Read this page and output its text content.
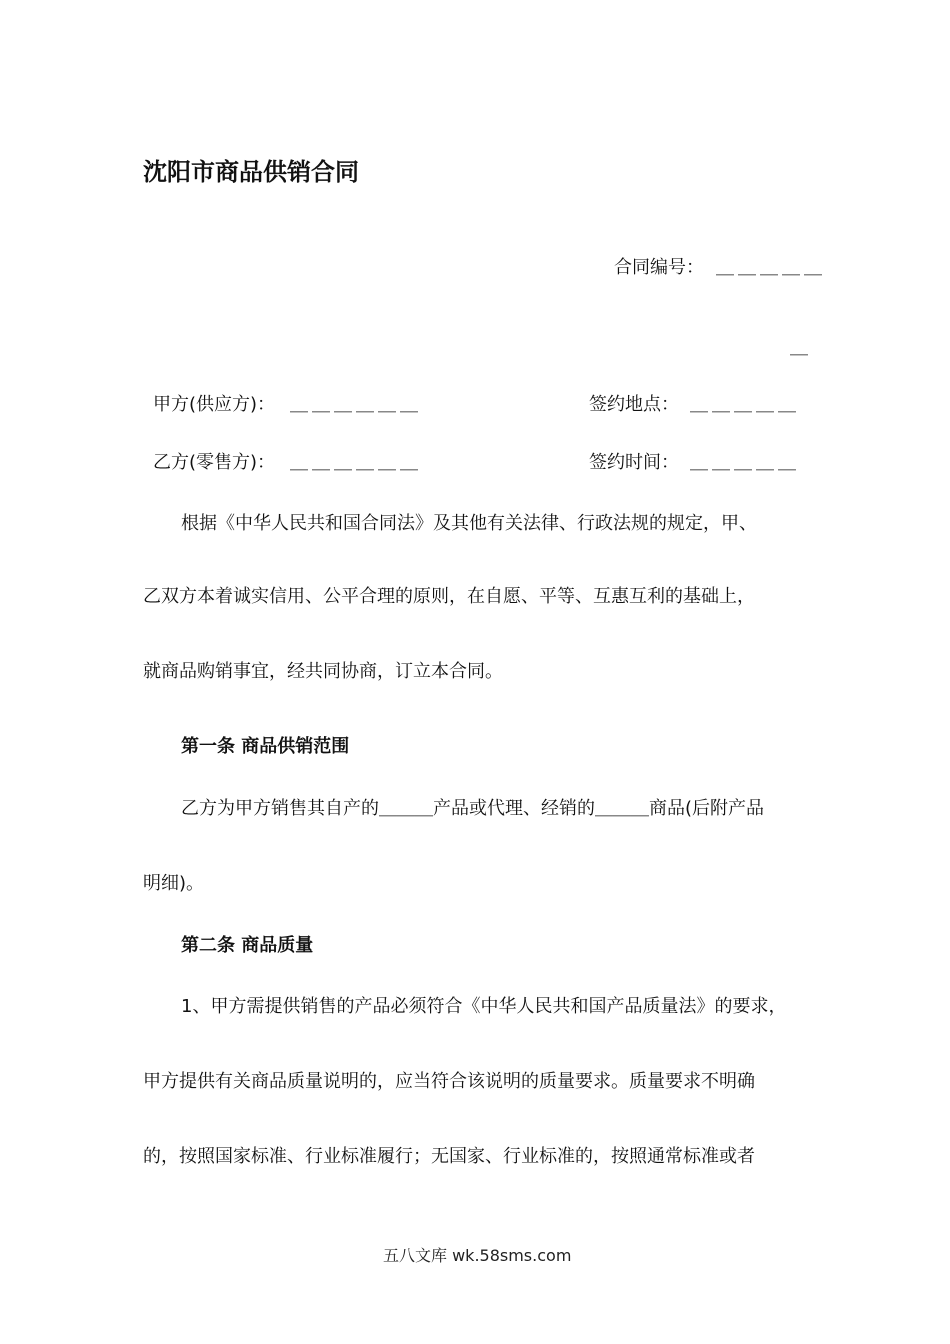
沈阳市商品供销合同
合同编号： ＿＿＿＿＿
＿
甲方(供应方)： ＿＿＿＿＿＿	签约地点： ＿＿＿＿＿
乙方(零售方)： ＿＿＿＿＿＿	签约时间： ＿＿＿＿＿
根据《中华人民共和国合同法》及其他有关法律、行政法规的规定，甲、
乙双方本着诚实信用、公平合理的原则，在自愿、平等、互惠互利的基础上，
就商品购销事宜，经共同协商，订立本合同。
第一条 商品供销范围
乙方为甲方销售其自产的＿＿＿产品或代理、经销的＿＿＿商品(后附产品
明细)。
第二条 商品质量
1、甲方需提供销售的产品必须符合《中华人民共和国产品质量法》的要求，
甲方提供有关商品质量说明的，应当符合该说明的质量要求。质量要求不明确
的，按照国家标准、行业标准履行；无国家、行业标准的，按照通常标准或者
五八文库 wk.58sms.com
